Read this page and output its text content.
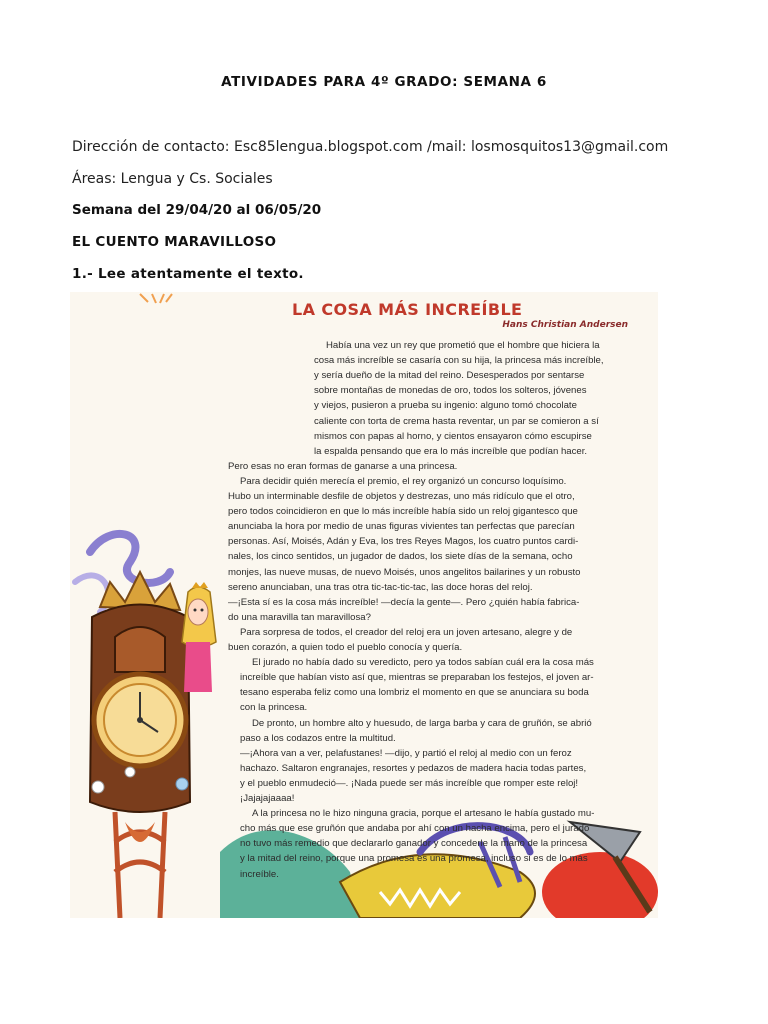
ATIVIDADES PARA 4º GRADO: SEMANA 6
Dirección de contacto: Esc85lengua.blogspot.com /mail: losmosquitos13@gmail.com
Áreas: Lengua y Cs. Sociales
Semana del 29/04/20 al 06/05/20
EL CUENTO MARAVILLOSO
1.- Lee atentamente el texto.
LA COSA MÁS INCREÍBLE
Hans Christian Andersen
Había una vez un rey que prometió que el hombre que hiciera la
cosa más increíble se casaría con su hija, la princesa más increíble,
y sería dueño de la mitad del reino. Desesperados por sentarse
sobre montañas de monedas de oro, todos los solteros, jóvenes
y viejos, pusieron a prueba su ingenio: alguno tomó chocolate
caliente con torta de crema hasta reventar, un par se comieron a sí
mismos con papas al horno, y cientos ensayaron cómo escupirse
la espalda pensando que era lo más increíble que podían hacer.
Pero esas no eran formas de ganarse a una princesa.
Para decidir quién merecía el premio, el rey organizó un concurso loquísimo.
Hubo un interminable desfile de objetos y destrezas, uno más ridículo que el otro,
pero todos coincidieron en que lo más increíble había sido un reloj gigantesco que
anunciaba la hora por medio de unas figuras vivientes tan perfectas que parecían
personas. Así, Moisés, Adán y Eva, los tres Reyes Magos, los cuatro puntos cardi-
nales, los cinco sentidos, un jugador de dados, los siete días de la semana, ocho
monjes, las nueve musas, de nuevo Moisés, unos angelitos bailarines y un robusto
sereno anunciaban, una tras otra tic-tac-tic-tac, las doce horas del reloj.
—¡Esta sí es la cosa más increíble! —decía la gente—. Pero ¿quién había fabrica-
do una maravilla tan maravillosa?
Para sorpresa de todos, el creador del reloj era un joven artesano, alegre y de
buen corazón, a quien todo el pueblo conocía y quería.
El jurado no había dado su veredicto, pero ya todos sabían cuál era la cosa más
increíble que habían visto así que, mientras se preparaban los festejos, el joven ar-
tesano esperaba feliz como una lombriz el momento en que se anunciara su boda
con la princesa.
De pronto, un hombre alto y huesudo, de larga barba y cara de gruñón, se abrió
paso a los codazos entre la multitud.
—¡Ahora van a ver, pelafustanes! —dijo, y partió el reloj al medio con un feroz
hachazo. Saltaron engranajes, resortes y pedazos de madera hacia todas partes,
y el pueblo enmudeció—. ¡Nada puede ser más increíble que romper este reloj!
¡Jajajajaaaa!
A la princesa no le hizo ninguna gracia, porque el artesano le había gustado mu-
cho más que ese gruñón que andaba por ahí con un hacha encima, pero el jurado
no tuvo más remedio que declararlo ganador y concederle la mano de la princesa
y la mitad del reino, porque una promesa es una promesa, incluso si es de lo más
increíble.
